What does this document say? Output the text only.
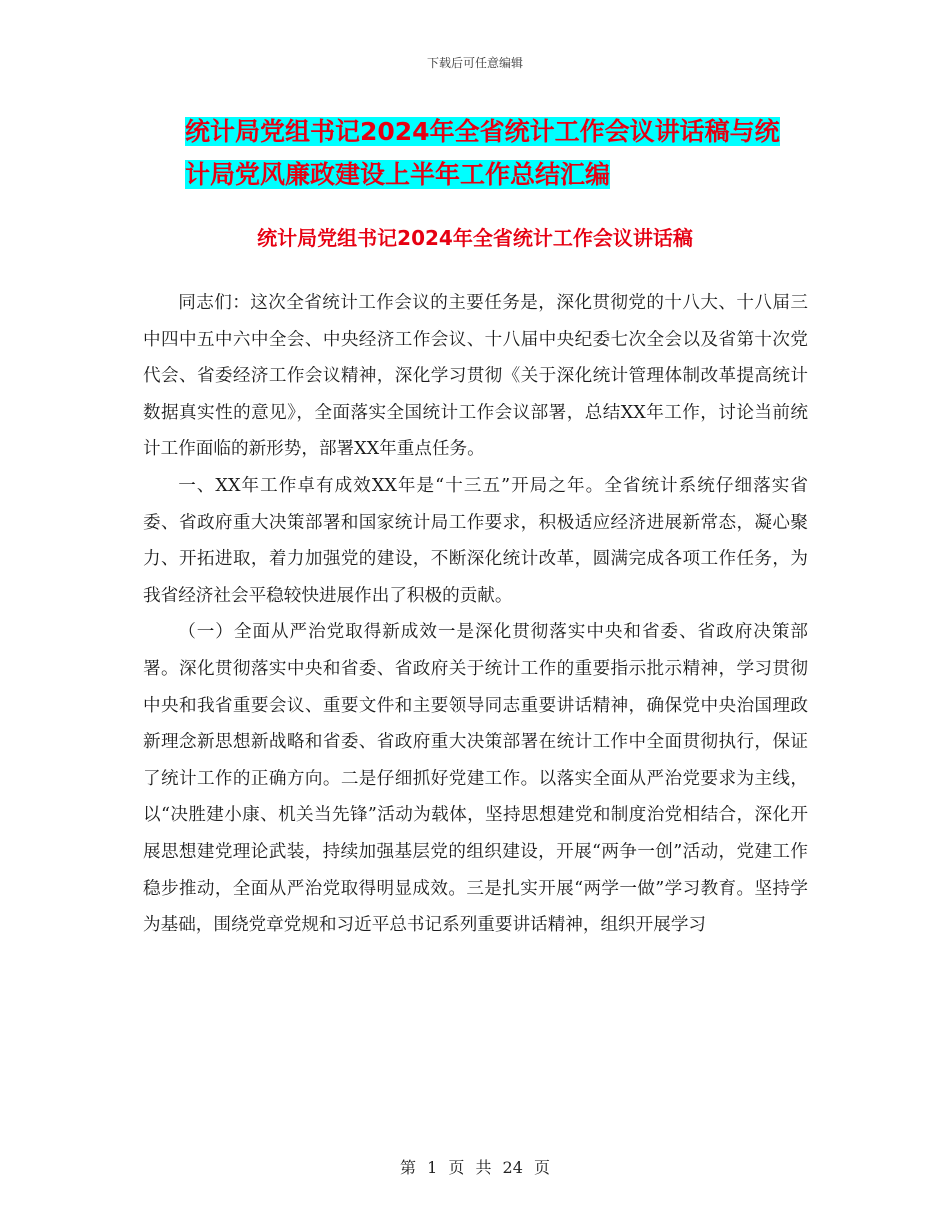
下载后可任意编辑
统计局党组书记2024年全省统计工作会议讲话稿与统
计局党风廉政建设上半年工作总结汇编
统计局党组书记2024年全省统计工作会议讲话稿

同志们：这次全省统计工作会议的主要任务是，深化贯彻党的十八大、十八届三中四中五中六中全会、中央经济工作会议、十八届中央纪委七次全会以及省第十次党代会、省委经济工作会议精神，深化学习贯彻《关于深化统计管理体制改革提高统计数据真实性的意见》，全面落实全国统计工作会议部署，总结XX年工作，讨论当前统计工作面临的新形势，部署XX年重点任务。

一、XX年工作卓有成效XX年是“十三五”开局之年。全省统计系统仔细落实省委、省政府重大决策部署和国家统计局工作要求，积极适应经济进展新常态，凝心聚力、开拓进取，着力加强党的建设，不断深化统计改革，圆满完成各项工作任务，为我省经济社会平稳较快进展作出了积极的贡献。

（一）全面从严治党取得新成效一是深化贯彻落实中央和省委、省政府决策部署。深化贯彻落实中央和省委、省政府关于统计工作的重要指示批示精神，学习贯彻中央和我省重要会议、重要文件和主要领导同志重要讲话精神，确保党中央治国理政新理念新思想新战略和省委、省政府重大决策部署在统计工作中全面贯彻执行，保证了统计工作的正确方向。二是仔细抓好党建工作。以落实全面从严治党要求为主线，以“决胜建小康、机关当先锋”活动为载体，坚持思想建党和制度治党相结合，深化开展思想建党理论武装，持续加强基层党的组织建设，开展“两争一创”活动，党建工作稳步推动，全面从严治党取得明显成效。三是扎实开展“两学一做”学习教育。坚持学为基础，围绕党章党规和习近平总书记系列重要讲话精神，组织开展学习

第 1 页 共 24 页
